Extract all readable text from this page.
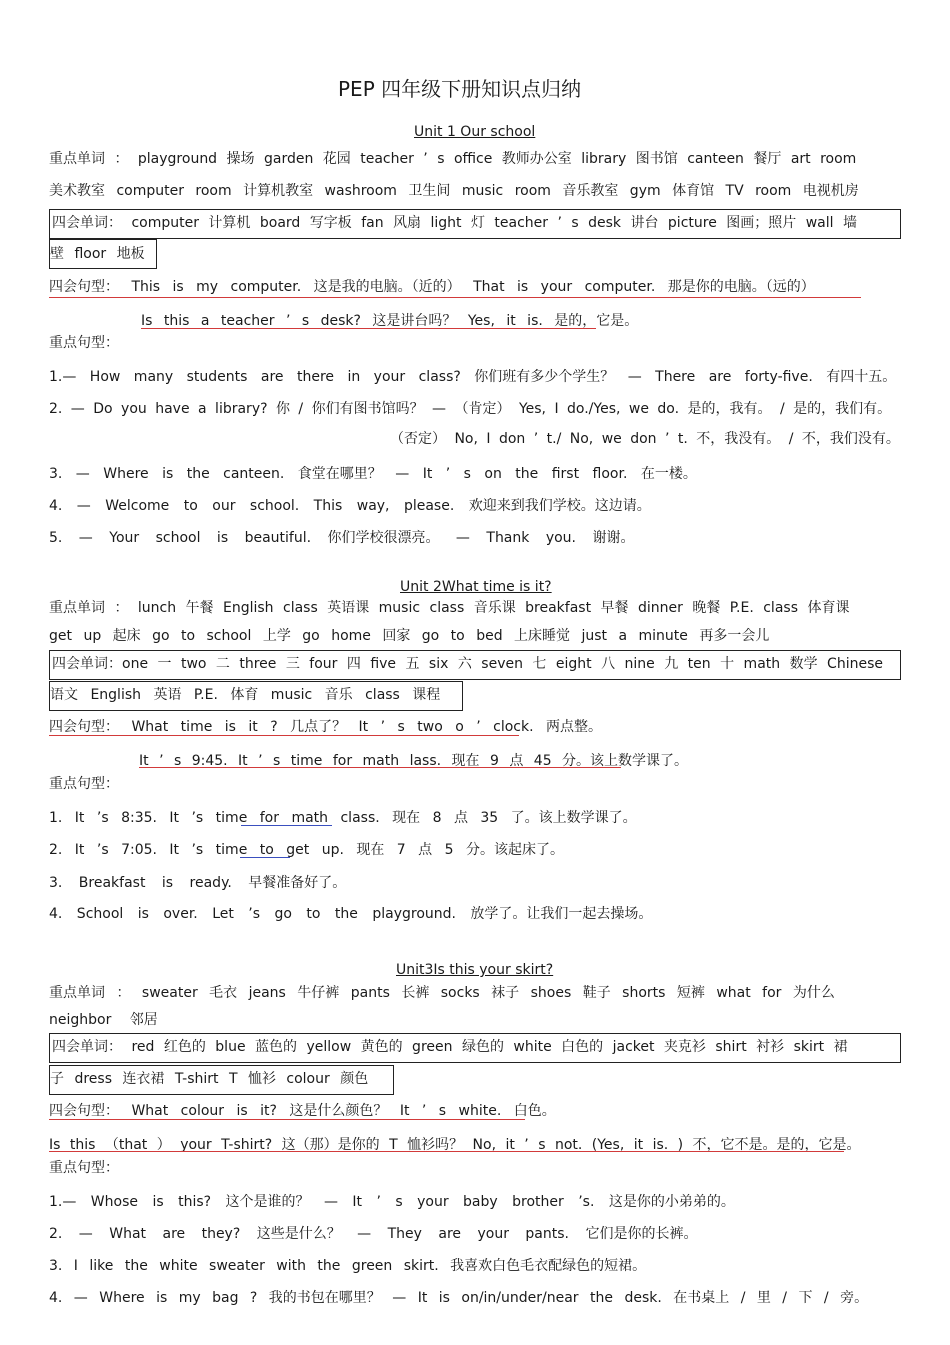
PEP 四年级下册知识点归纳
Unit 1 Our school
重点单词 ： playground 操场 garden 花园 teacher ’ s office 教师办公室 library 图书馆 canteen 餐厅 art room
美术教室 computer room 计算机教室 washroom 卫生间 music room 音乐教室 gym 体育馆 TV room 电视机房
四会单词： computer 计算机 board 写字板 fan 风扇 light 灯 teacher ’ s desk 讲台 picture 图画；照片 wall 墙
壁 floor 地板
四会句型： This is my computer. 这是我的电脑。（近的） That is your computer. 那是你的电脑。（远的）
Is this a teacher ’ s desk? 这是讲台吗？ Yes, it is. 是的，它是。
重点句型：
1.— How many students are there in your class? 你们班有多少个学生？ — There are forty-five. 有四十五。
2. — Do you have a library? 你 / 你们有图书馆吗？ — （肯定） Yes, I do./Yes, we do. 是的，我有。 / 是的，我们有。
（否定） No, I don ’ t./ No, we don ’ t. 不，我没有。 / 不，我们没有。
3. — Where is the canteen. 食堂在哪里？ — It ’ s on the first floor. 在一楼。
4. — Welcome to our school. This way, please. 欢迎来到我们学校。这边请。
5. — Your school is beautiful. 你们学校很漂亮。 — Thank you. 谢谢。
Unit 2What time is it?
重点单词 ： lunch 午餐 English class 英语课 music class 音乐课 breakfast 早餐 dinner 晚餐 P.E. class 体育课
get up 起床 go to school 上学 go home 回家 go to bed 上床睡觉 just a minute 再多一会儿
四会单词：one 一 two 二 three 三 four 四 five 五 six 六 seven 七 eight 八 nine 九 ten 十 math 数学 Chinese
语文 English 英语 P.E. 体育 music 音乐 class 课程
四会句型： What time is it ? 几点了？ It ’ s two o ’ clock. 两点整。
It ’ s 9:45. It ’ s time for math lass. 现在 9 点 45 分。该上数学课了。
重点句型：
1. It ’s 8:35. It ’s time for math class. 现在 8 点 35 了。该上数学课了。
2. It ’s 7:05. It ’s time to get up. 现在 7 点 5 分。该起床了。
3. Breakfast is ready. 早餐准备好了。
4. School is over. Let ’s go to the playground. 放学了。让我们一起去操场。
Unit3Is this your skirt?
重点单词 ： sweater 毛衣 jeans 牛仔裤 pants 长裤 socks 袜子 shoes 鞋子 shorts 短裤 what for 为什么
neighbor 邻居
四会单词： red 红色的 blue 蓝色的 yellow 黄色的 green 绿色的 white 白色的 jacket 夹克衫 shirt 衬衫 skirt 裙
子 dress 连衣裙 T-shirt T 恤衫 colour 颜色
四会句型： What colour is it? 这是什么颜色？ It ’ s white. 白色。
Is this （that ） your T-shirt? 这（那）是你的 T 恤衫吗？ No, it ’ s not. (Yes, it is. ) 不，它不是。是的，它是。
重点句型：
1.— Whose is this? 这个是谁的？ — It ’ s your baby brother ’s. 这是你的小弟弟的。
2. — What are they? 这些是什么？ — They are your pants. 它们是你的长裤。
3. I like the white sweater with the green skirt. 我喜欢白色毛衣配绿色的短裙。
4. — Where is my bag ? 我的书包在哪里？ — It is on/in/under/near the desk. 在书桌上 / 里 / 下 / 旁。
